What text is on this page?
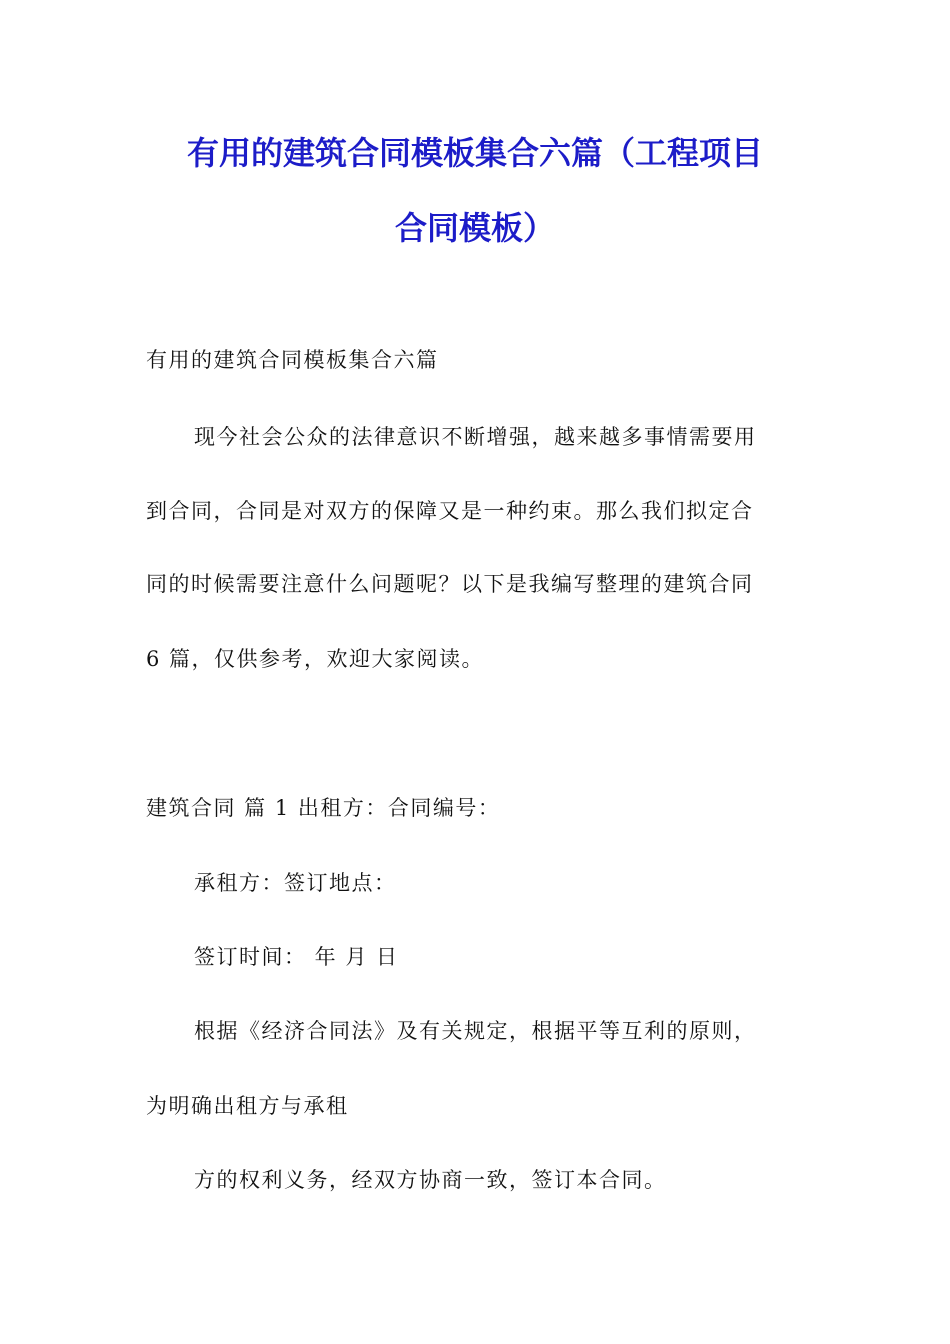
有用的建筑合同模板集合六篇（工程项目
合同模板）
有用的建筑合同模板集合六篇
现今社会公众的法律意识不断增强，越来越多事情需要用
到合同，合同是对双方的保障又是一种约束。那么我们拟定合
同的时候需要注意什么问题呢？以下是我编写整理的建筑合同
6 篇，仅供参考，欢迎大家阅读。
建筑合同 篇 1 出租方：合同编号：
承租方：签订地点：
签订时间： 年 月 日
根据《经济合同法》及有关规定，根据平等互利的原则，
为明确出租方与承租
方的权利义务，经双方协商一致，签订本合同。
